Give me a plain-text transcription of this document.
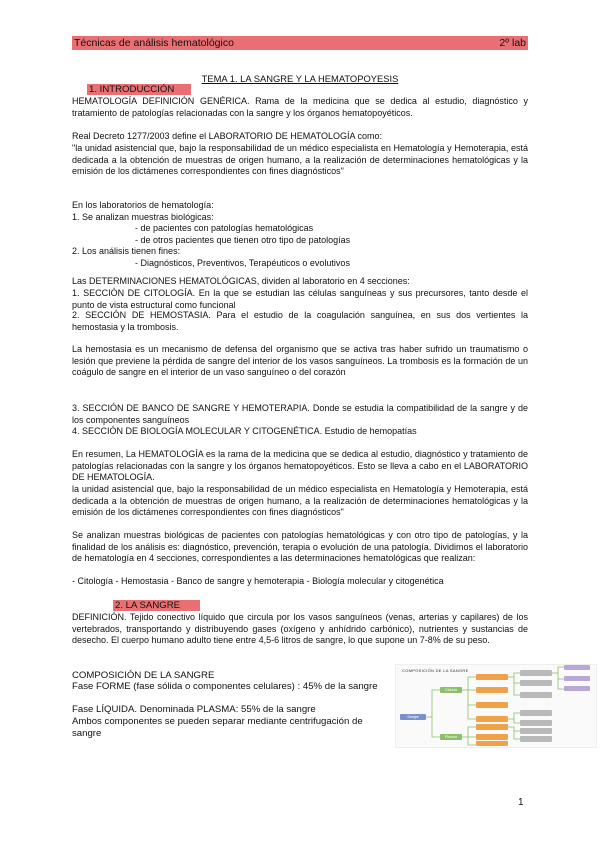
Técnicas de análisis hematológico	2º lab
TEMA 1. LA SANGRE Y LA HEMATOPOYESIS
1. INTRODUCCIÓN
HEMATOLOGÍA DEFINICIÓN GENÉRICA. Rama de la medicina que se dedica al estudio, diagnóstico y tratamiento de patologías relacionadas con la sangre y los órganos hematopoyéticos.
Real Decreto 1277/2003 define el LABORATORIO DE HEMATOLOGÍA como:
"la unidad asistencial que, bajo la responsabilidad de un médico especialista en Hematología y Hemoterapia, está dedicada a la obtención de muestras de origen humano, a la realización de determinaciones hematológicas y la emisión de los dictámenes correspondientes con fines diagnósticos"
En los laboratorios de hematología:
1. Se analizan muestras biológicas:
- de pacientes con patologías hematológicas
- de otros pacientes que tienen otro tipo de patologías
2. Los análisis tienen fines:
- Diagnósticos, Preventivos, Terapéuticos o evolutivos
Las DETERMINACIONES HEMATOLÓGICAS, dividen al laboratorio en 4 secciones:
1. SECCIÓN DE CITOLOGÍA. En la que se estudian las células sanguíneas y sus precursores, tanto desde el punto de vista estructural como funcional
2. SECCIÓN DE HEMOSTASIA. Para el estudio de la coagulación sanguínea, en sus dos vertientes la hemostasia y la trombosis.
La hemostasia es un mecanismo de defensa del organismo que se activa tras haber sufrido un traumatismo o lesión que previene la pérdida de sangre del interior de los vasos sanguíneos. La trombosis es la formación de un coágulo de sangre en el interior de un vaso sanguíneo o del corazón
3. SECCIÓN DE BANCO DE SANGRE Y HEMOTERAPIA. Donde se estudia la compatibilidad de la sangre y de los componentes sanguíneos
4. SECCIÓN DE BIOLOGÍA MOLECULAR Y CITOGENÉTICA. Estudio de hemopatías
En resumen, La HEMATOLOGÍA es la rama de la medicina que se dedica al estudio, diagnóstico y tratamiento de patologías relacionadas con la sangre y los órganos hematopoyéticos. Esto se lleva a cabo en el LABORATORIO DE HEMATOLOGÍA.
la unidad asistencial que, bajo la responsabilidad de un médico especialista en Hematología y Hemoterapia, está dedicada a la obtención de muestras de origen humano, a la realización de determinaciones hematológicas y la emisión de los dictámenes correspondientes con fines diagnósticos"
Se analizan muestras biológicas de pacientes con patologías hematológicas y con otro tipo de patologías, y la finalidad de los análisis es: diagnóstico, prevención, terapia o evolución de una patología. Dividimos el laboratorio de hematología en 4 secciones, correspondientes a las determinaciones hematológicas que realizan:
- Citología - Hemostasia - Banco de sangre y hemoterapia - Biología molecular y citogenética
2. LA SANGRE
DEFINICIÓN. Tejido conectivo líquido que circula por los vasos sanguíneos (venas, arterias y capilares) de los vertebrados, transportando y distribuyendo gases (oxígeno y anhídrido carbónico), nutrientes y sustancias de desecho. El cuerpo humano adulto tiene entre 4,5-6 litros de sangre, lo que supone un 7-8% de su peso.
COMPOSICIÓN DE LA SANGRE
Fase FORME (fase sólida o componentes celulares) : 45% de la sangre
Fase LÍQUIDA. Denominada PLASMA: 55% de la sangre
Ambos componentes se pueden separar mediante centrifugación de sangre
COMPOSICIÓN DE LA SANGRE
Sangre
Células
Plasma
1
